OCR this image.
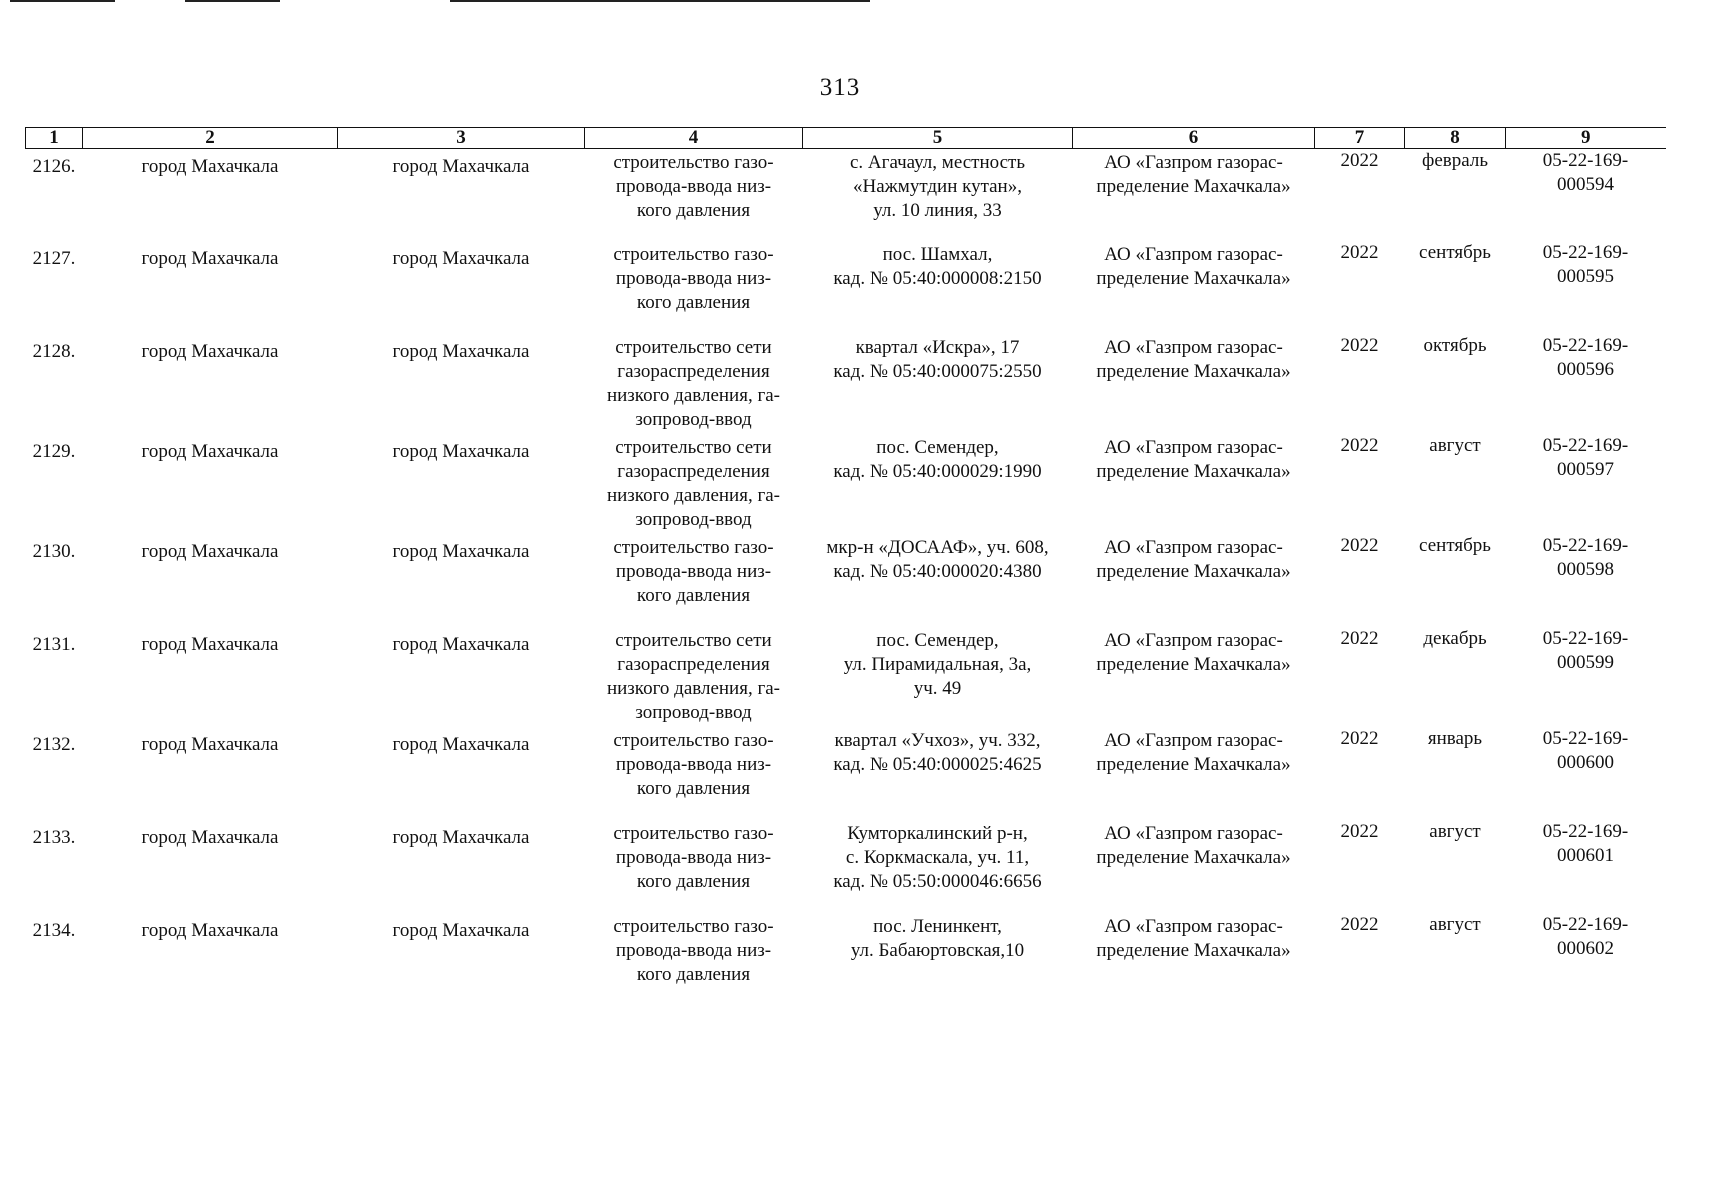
313
1	2	3	4	5	6	7	8	9
2126.	город Махачкала	город Махачкала	строительство газо-
провода-ввода низ-
кого давления	с. Агачаул, местность
«Нажмутдин кутан»,
ул. 10 линия, 33	АО «Газпром газорас-
пределение Махачкала»	2022	февраль	05-22-169-
000594

2127.	город Махачкала	город Махачкала	строительство газо-
провода-ввода низ-
кого давления	пос. Шамхал,
кад. № 05:40:000008:2150	АО «Газпром газорас-
пределение Махачкала»	2022	сентябрь	05-22-169-
000595

2128.	город Махачкала	город Махачкала	строительство сети
газораспределения
низкого давления, га-
зопровод-ввод	квартал «Искра», 17
кад. № 05:40:000075:2550	АО «Газпром газорас-
пределение Махачкала»	2022	октябрь	05-22-169-
000596

2129.	город Махачкала	город Махачкала	строительство сети
газораспределения
низкого давления, га-
зопровод-ввод	пос. Семендер,
кад. № 05:40:000029:1990	АО «Газпром газорас-
пределение Махачкала»	2022	август	05-22-169-
000597

2130.	город Махачкала	город Махачкала	строительство газо-
провода-ввода низ-
кого давления	мкр-н «ДОСААФ», уч. 608,
кад. № 05:40:000020:4380	АО «Газпром газорас-
пределение Махачкала»	2022	сентябрь	05-22-169-
000598

2131.	город Махачкала	город Махачкала	строительство сети
газораспределения
низкого давления, га-
зопровод-ввод	пос. Семендер,
ул. Пирамидальная, 3а,
уч. 49	АО «Газпром газорас-
пределение Махачкала»	2022	декабрь	05-22-169-
000599

2132.	город Махачкала	город Махачкала	строительство газо-
провода-ввода низ-
кого давления	квартал «Учхоз», уч. 332,
кад. № 05:40:000025:4625	АО «Газпром газорас-
пределение Махачкала»	2022	январь	05-22-169-
000600

2133.	город Махачкала	город Махачкала	строительство газо-
провода-ввода низ-
кого давления	Кумторкалинский р-н,
с. Коркмаскала, уч. 11,
кад. № 05:50:000046:6656	АО «Газпром газорас-
пределение Махачкала»	2022	август	05-22-169-
000601

2134.	город Махачкала	город Махачкала	строительство газо-
провода-ввода низ-
кого давления	пос. Ленинкент,
ул. Бабаюртовская,10	АО «Газпром газорас-
пределение Махачкала»	2022	август	05-22-169-
000602
